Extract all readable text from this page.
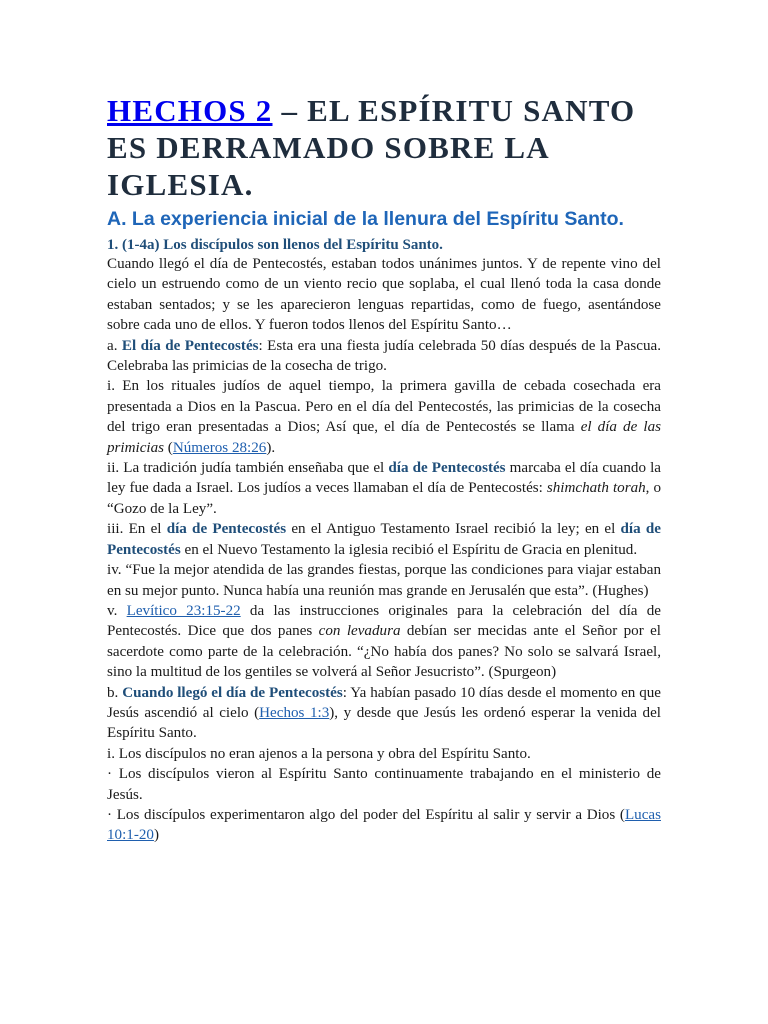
HECHOS 2 – EL ESPÍRITU SANTO ES DERRAMADO SOBRE LA IGLESIA.
A. La experiencia inicial de la llenura del Espíritu Santo.
1. (1-4a) Los discípulos son llenos del Espíritu Santo.

Cuando llegó el día de Pentecostés, estaban todos unánimes juntos. Y de repente vino del cielo un estruendo como de un viento recio que soplaba, el cual llenó toda la casa donde estaban sentados; y se les aparecieron lenguas repartidas, como de fuego, asentándose sobre cada uno de ellos. Y fueron todos llenos del Espíritu Santo…

a. El día de Pentecostés: Esta era una fiesta judía celebrada 50 días después de la Pascua. Celebraba las primicias de la cosecha de trigo.

i. En los rituales judíos de aquel tiempo, la primera gavilla de cebada cosechada era presentada a Dios en la Pascua. Pero en el día del Pentecostés, las primicias de la cosecha del trigo eran presentadas a Dios; Así que, el día de Pentecostés se llama el día de las primicias (Números 28:26).

ii. La tradición judía también enseñaba que el día de Pentecostés marcaba el día cuando la ley fue dada a Israel. Los judíos a veces llamaban el día de Pentecostés: shimchath torah, o “Gozo de la Ley”.

iii. En el día de Pentecostés en el Antiguo Testamento Israel recibió la ley; en el día de Pentecostés en el Nuevo Testamento la iglesia recibió el Espíritu de Gracia en plenitud.

iv. “Fue la mejor atendida de las grandes fiestas, porque las condiciones para viajar estaban en su mejor punto. Nunca había una reunión mas grande en Jerusalén que esta”. (Hughes)

v. Levítico 23:15-22 da las instrucciones originales para la celebración del día de Pentecostés. Dice que dos panes con levadura debían ser mecidas ante el Señor por el sacerdote como parte de la celebración. “¿No había dos panes? No solo se salvará Israel, sino la multitud de los gentiles se volverá al Señor Jesucristo”. (Spurgeon)

b. Cuando llegó el día de Pentecostés: Ya habían pasado 10 días desde el momento en que Jesús ascendió al cielo (Hechos 1:3), y desde que Jesús les ordenó esperar la venida del Espíritu Santo.

i. Los discípulos no eran ajenos a la persona y obra del Espíritu Santo.

· Los discípulos vieron al Espíritu Santo continuamente trabajando en el ministerio de Jesús.

· Los discípulos experimentaron algo del poder del Espíritu al salir y servir a Dios (Lucas 10:1-20)
